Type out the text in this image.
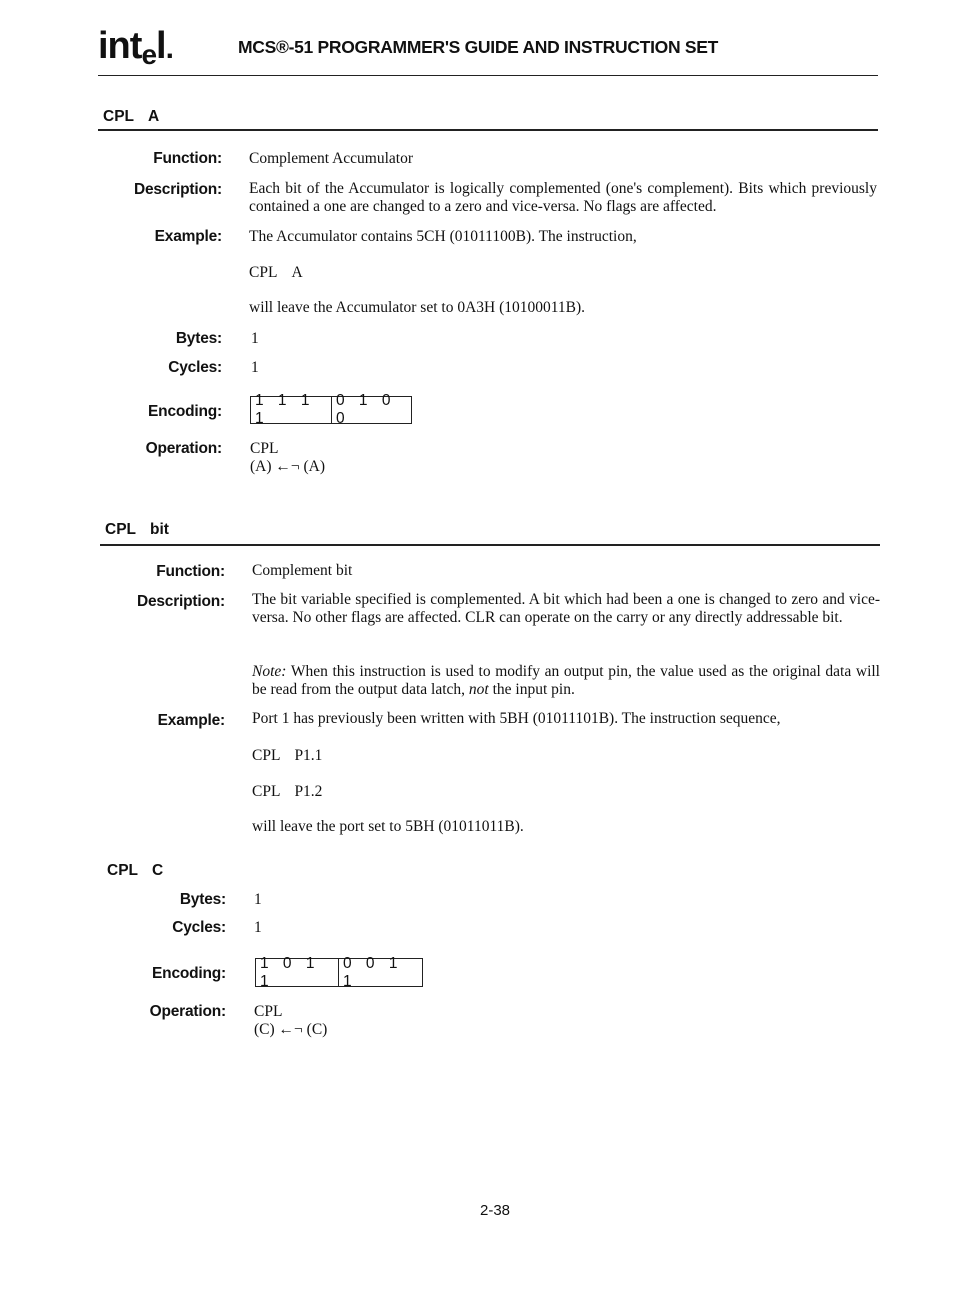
intel.	MCS®-51 PROGRAMMER'S GUIDE AND INSTRUCTION SET
CPL A
Function: Complement Accumulator
Description: Each bit of the Accumulator is logically complemented (one's complement). Bits which previously contained a one are changed to a zero and vice-versa. No flags are affected.
Example: The Accumulator contains 5CH (01011100B). The instruction,
CPL A
will leave the Accumulator set to 0A3H (10100011B).
Bytes: 1
Cycles: 1
Encoding:
1 1 1 1
0 1 0 0
Operation: CPL
(A) ←¬ (A)
CPL bit
Function: Complement bit
Description: The bit variable specified is complemented. A bit which had been a one is changed to zero and vice-versa. No other flags are affected. CLR can operate on the carry or any directly addressable bit.
Note: When this instruction is used to modify an output pin, the value used as the original data will be read from the output data latch, not the input pin.
Example: Port 1 has previously been written with 5BH (01011101B). The instruction sequence,
CPL P1.1
CPL P1.2
will leave the port set to 5BH (01011011B).
CPL C
Bytes: 1
Cycles: 1
Encoding:
1 0 1 1
0 0 1 1
Operation: CPL
(C) ←¬ (C)
2-38
